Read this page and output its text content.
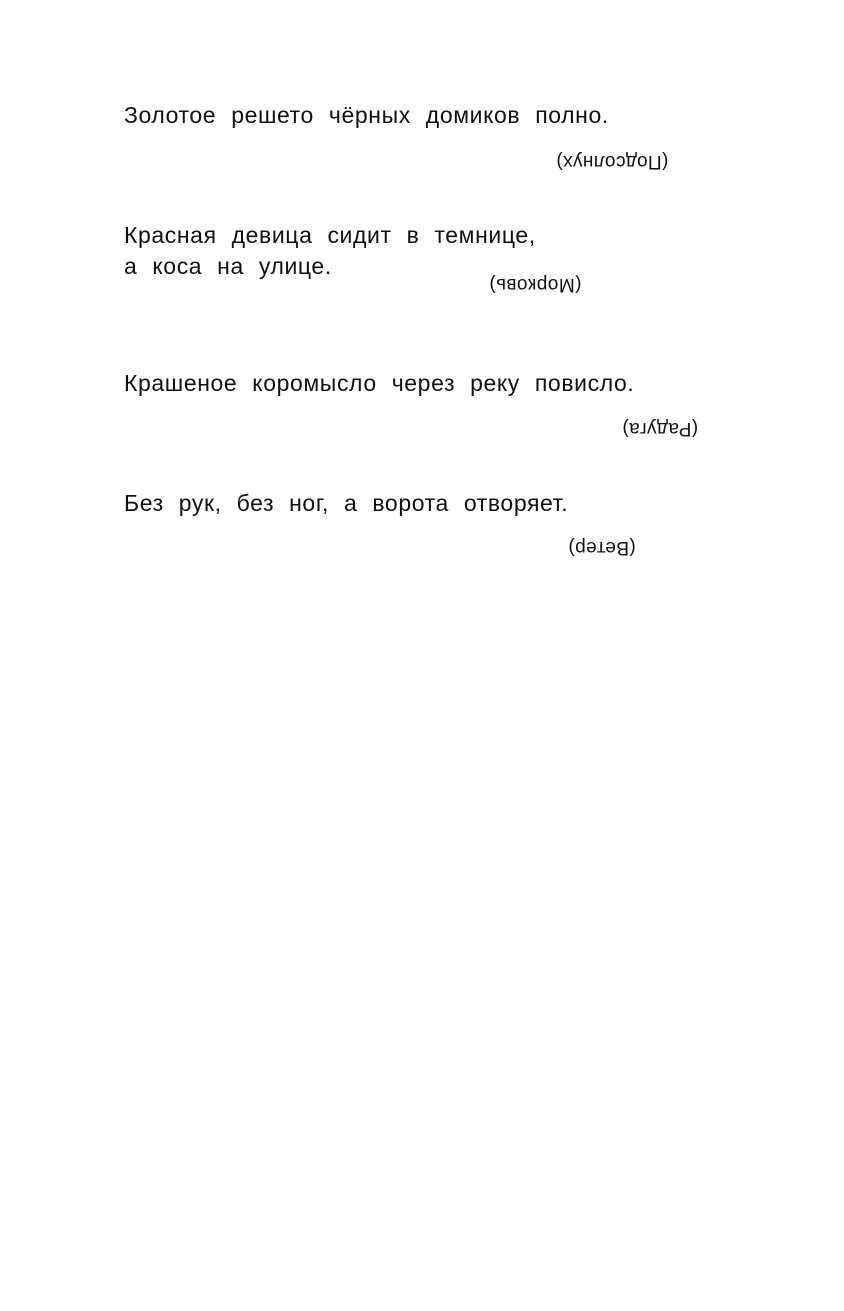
Золотое решето чёрных домиков полно.
(Подсолнух)
Красная девица сидит в темнице,
а коса на улице.
(Морковь)
Крашеное коромысло через реку повисло.
(Радуга)
Без рук, без ног, а ворота отворяет.
(Ветер)
